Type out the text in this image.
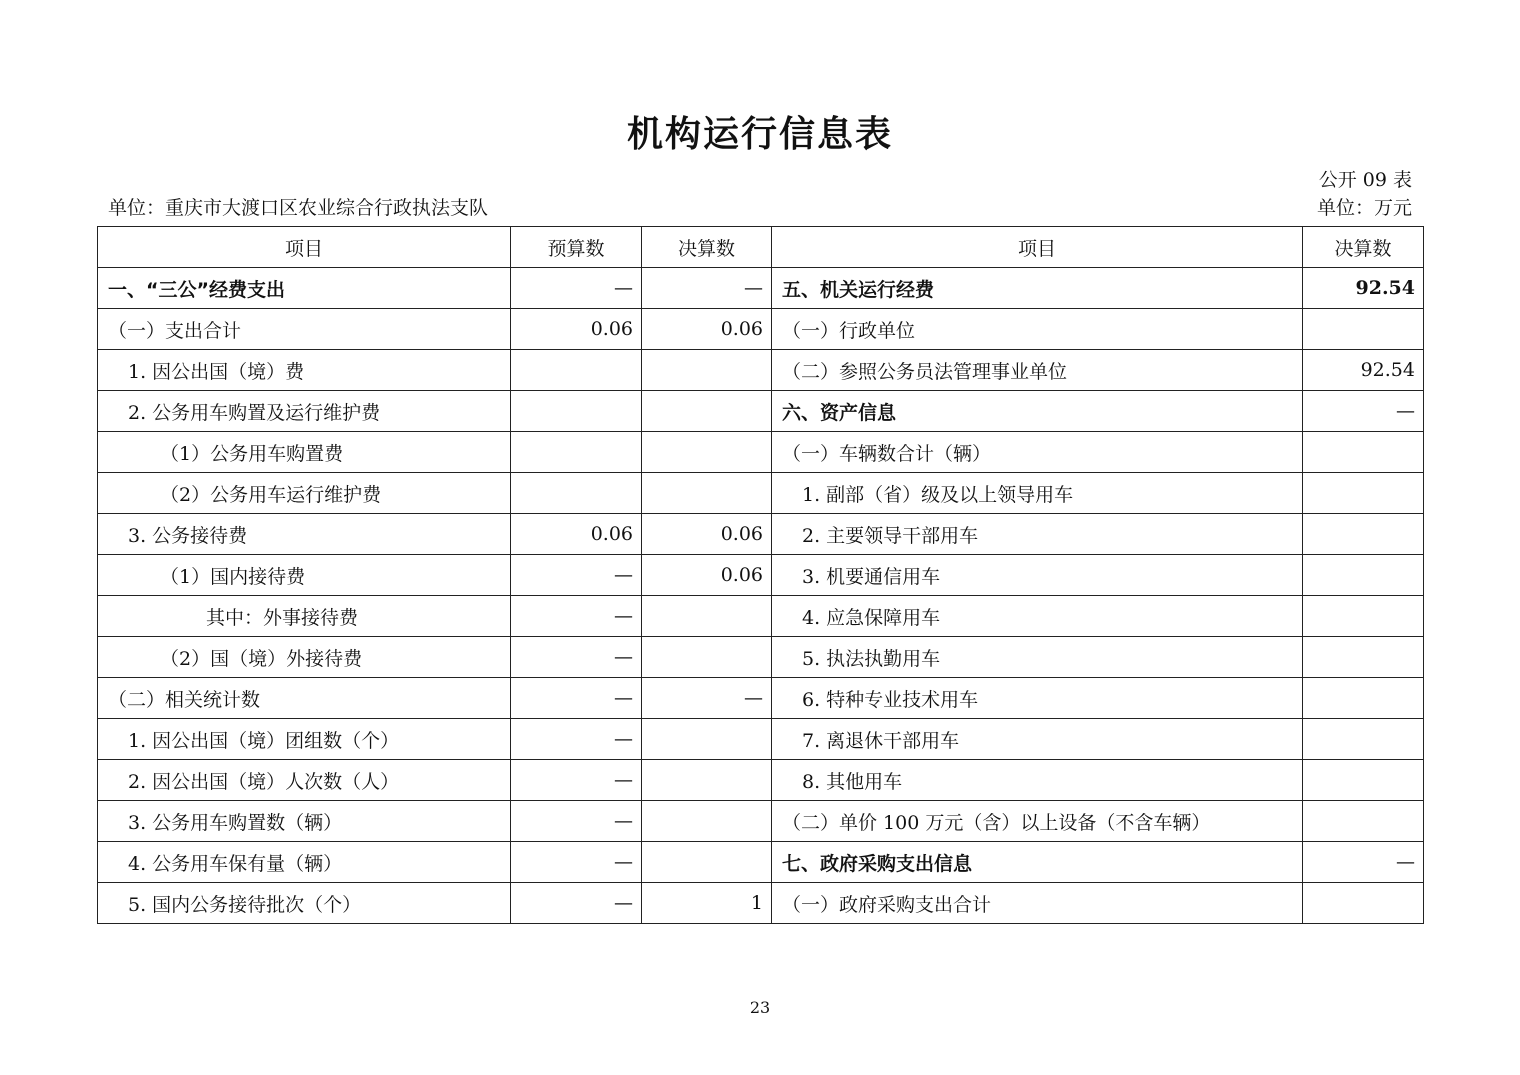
机构运行信息表
公开 09 表
单位：重庆市大渡口区农业综合行政执法支队	单位：万元
项目	预算数	决算数	项目	决算数
一、“三公”经费支出	—	—	五、机关运行经费	92.54
（一）支出合计	0.06	0.06	（一）行政单位	
1. 因公出国（境）费			（二）参照公务员法管理事业单位	92.54
2. 公务用车购置及运行维护费			六、资产信息	—
（1）公务用车购置费			（一）车辆数合计（辆）	
（2）公务用车运行维护费			1. 副部（省）级及以上领导用车	
3. 公务接待费	0.06	0.06	2. 主要领导干部用车	
（1）国内接待费	—	0.06	3. 机要通信用车	
其中：外事接待费	—		4. 应急保障用车	
（2）国（境）外接待费	—		5. 执法执勤用车	
（二）相关统计数	—	—	6. 特种专业技术用车	
1. 因公出国（境）团组数（个）	—		7. 离退休干部用车	
2. 因公出国（境）人次数（人）	—		8. 其他用车	
3. 公务用车购置数（辆）	—		（二）单价 100 万元（含）以上设备（不含车辆）	
4. 公务用车保有量（辆）	—		七、政府采购支出信息	—
5. 国内公务接待批次（个）	—	1	（一）政府采购支出合计	
23
